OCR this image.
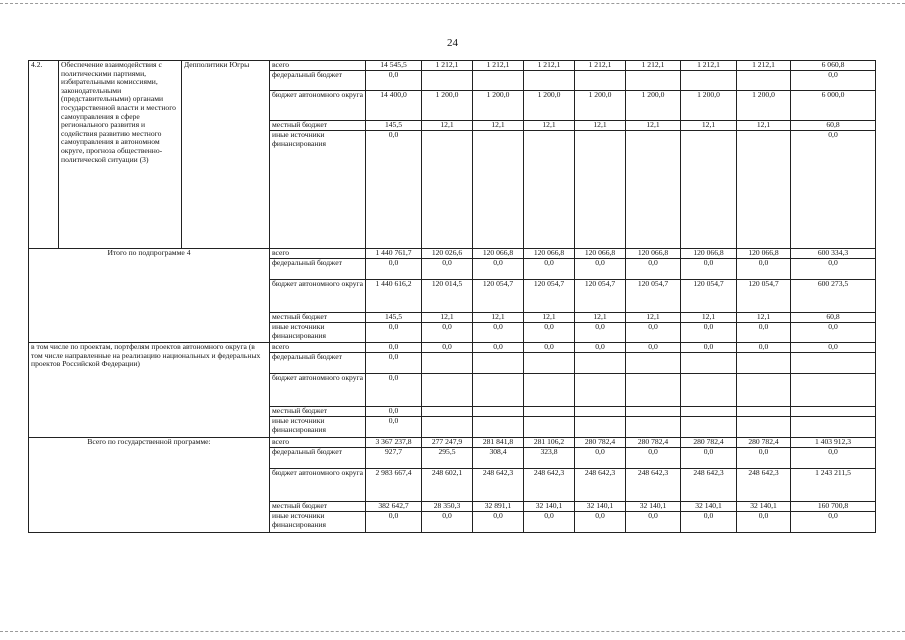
24
4.2.	Обеспечение взаимодействия с политическими партиями, избирательными комиссиями, законодательными (представительными) органами государственной власти и местного самоуправления в сфере регионального развития и содействия развитию местного самоуправления в автономном округе, прогноза общественно-политической ситуации (3)	Депполитики Югры	всего	14 545,5	1 212,1	1 212,1	1 212,1	1 212,1	1 212,1	1 212,1	1 212,1	6 060,8
			федеральный бюджет	0,0								0,0
			бюджет автономного округа	14 400,0	1 200,0	1 200,0	1 200,0	1 200,0	1 200,0	1 200,0	1 200,0	6 000,0
			местный бюджет	145,5	12,1	12,1	12,1	12,1	12,1	12,1	12,1	60,8
			иные источники финансирования	0,0								0,0
Итого по подпрограмме 4			всего	1 440 761,7	120 026,6	120 066,8	120 066,8	120 066,8	120 066,8	120 066,8	120 066,8	600 334,3
			федеральный бюджет	0,0	0,0	0,0	0,0	0,0	0,0	0,0	0,0	0,0
			бюджет автономного округа	1 440 616,2	120 014,5	120 054,7	120 054,7	120 054,7	120 054,7	120 054,7	120 054,7	600 273,5
			местный бюджет	145,5	12,1	12,1	12,1	12,1	12,1	12,1	12,1	60,8
			иные источники финансирования	0,0	0,0	0,0	0,0	0,0	0,0	0,0	0,0	0,0
в том числе по проектам, портфелям проектов автономного округа (в том числе направленные на реализацию национальных и федеральных проектов Российской Федерации)			всего	0,0	0,0	0,0	0,0	0,0	0,0	0,0	0,0	0,0
			федеральный бюджет	0,0								
			бюджет автономного округа	0,0								
			местный бюджет	0,0								
			иные источники финансирования	0,0								
Всего по государственной программе:			всего	3 367 237,8	277 247,9	281 841,8	281 106,2	280 782,4	280 782,4	280 782,4	280 782,4	1 403 912,3
			федеральный бюджет	927,7	295,5	308,4	323,8	0,0	0,0	0,0	0,0	0,0
			бюджет автономного округа	2 983 667,4	248 602,1	248 642,3	248 642,3	248 642,3	248 642,3	248 642,3	248 642,3	1 243 211,5
			местный бюджет	382 642,7	28 350,3	32 891,1	32 140,1	32 140,1	32 140,1	32 140,1	32 140,1	160 700,8
			иные источники финансирования	0,0	0,0	0,0	0,0	0,0	0,0	0,0	0,0	0,0
